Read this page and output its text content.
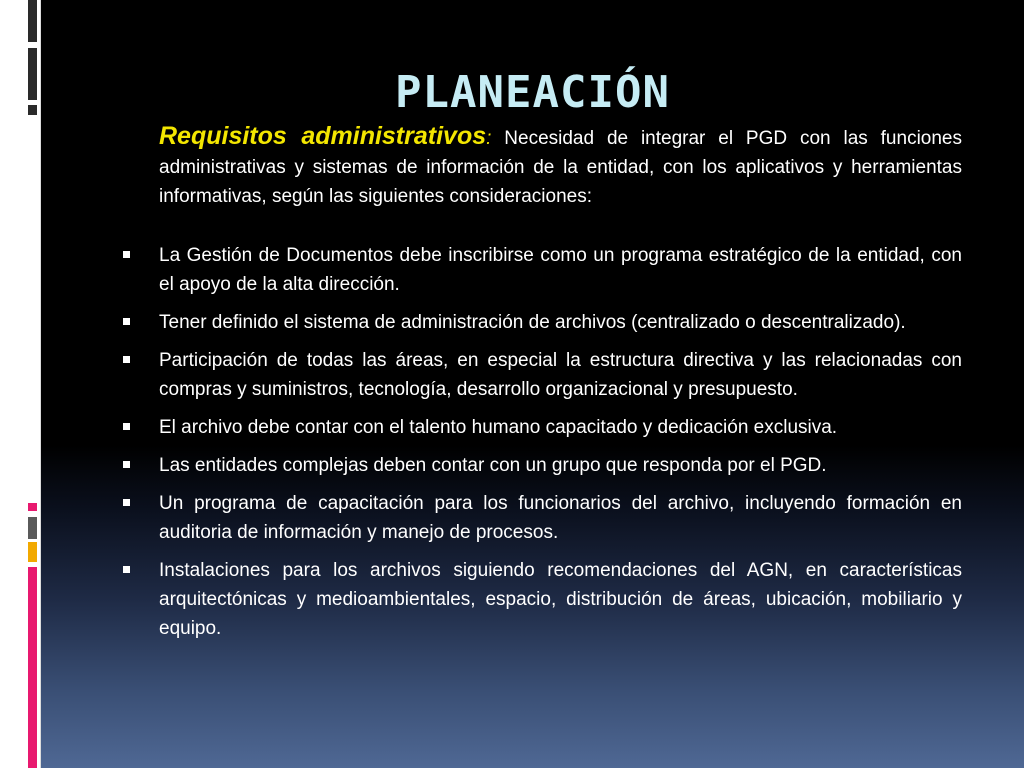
PLANEACIÓN

Requisitos administrativos: Necesidad de integrar el PGD con las funciones administrativas y sistemas de información de la entidad, con los aplicativos y herramientas informativas, según las siguientes consideraciones:

La Gestión de Documentos debe inscribirse como un programa estratégico de la entidad, con el apoyo de la alta dirección.
Tener definido el sistema de administración de archivos (centralizado o descentralizado).
Participación de todas las áreas, en especial la estructura directiva y las relacionadas con compras y suministros, tecnología, desarrollo organizacional y presupuesto.
El archivo debe contar con el talento humano capacitado y dedicación exclusiva.
Las entidades complejas deben contar con un grupo que responda por el PGD.
Un programa de capacitación para los funcionarios del archivo, incluyendo formación en auditoria de información y manejo de procesos.
Instalaciones para los archivos siguiendo recomendaciones del AGN, en características arquitectónicas y medioambientales, espacio, distribución de áreas, ubicación, mobiliario y equipo.
